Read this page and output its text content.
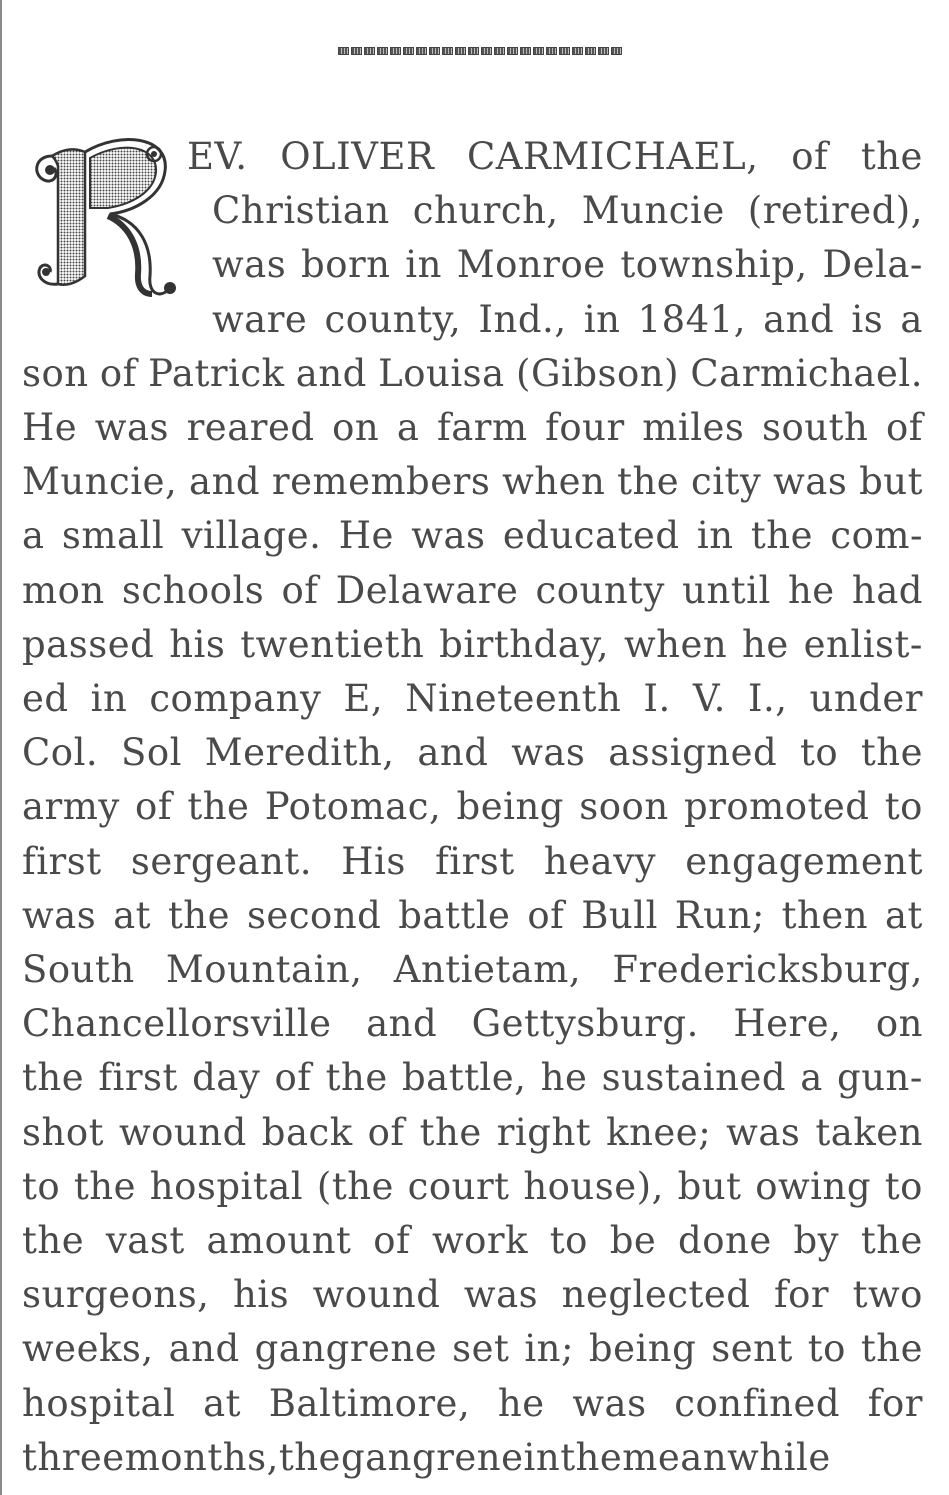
EV. OLIVER CARMICHAEL, of the
Christian church, Muncie (retired),
was born in Monroe township, Dela-
ware county, Ind., in 1841, and is a
son of Patrick and Louisa (Gibson) Carmichael.
He was reared on a farm four miles south of
Muncie, and remembers when the city was but
a small village. He was educated in the com-
mon schools of Delaware county until he had
passed his twentieth birthday, when he enlist-
ed in company E, Nineteenth I. V. I., under
Col. Sol Meredith, and was assigned to the
army of the Potomac, being soon promoted to
first sergeant. His first heavy engagement
was at the second battle of Bull Run; then at
South Mountain, Antietam, Fredericksburg,
Chancellorsville and Gettysburg. Here, on
the first day of the battle, he sustained a gun-
shot wound back of the right knee; was taken
to the hospital (the court house), but owing to
the vast amount of work to be done by the
surgeons, his wound was neglected for two
weeks, and gangrene set in; being sent to the
hospital at Baltimore, he was confined for
three months, the gangrene in the meanwhile
